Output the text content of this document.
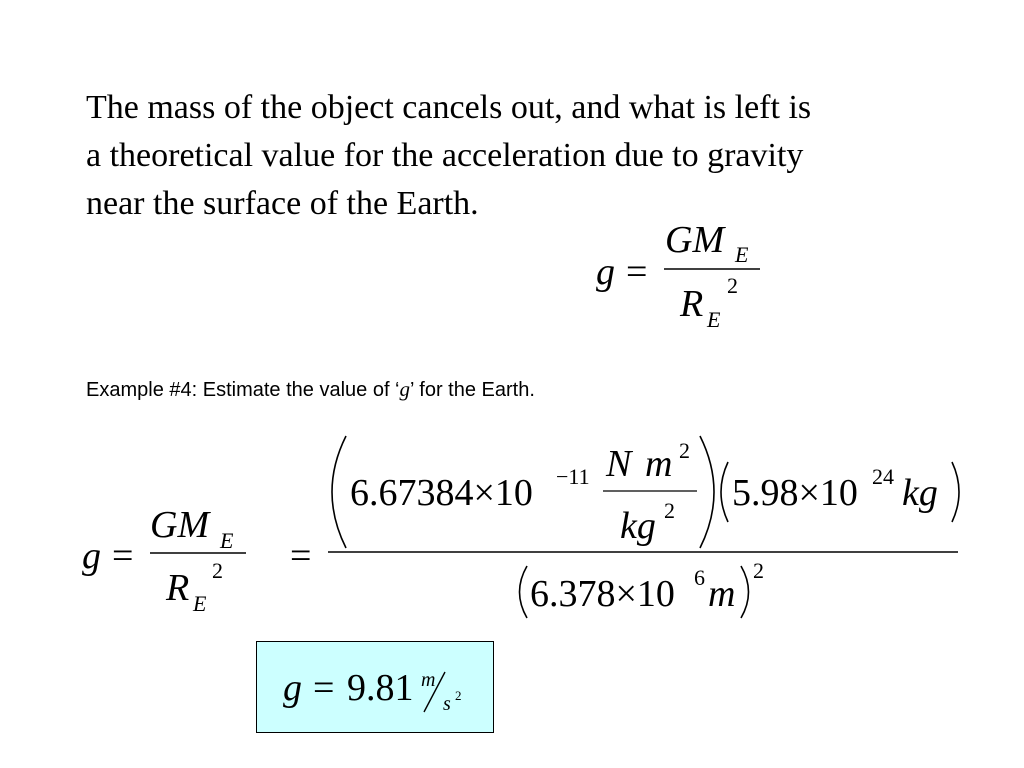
The mass of the object cancels out, and what is left is
a theoretical value for the acceleration due to gravity
near the surface of the Earth.
Example #4: Estimate the value of ‘g’ for the Earth.
g =
GM E
R E
2
g =
GM E
R E
2 =
6.67384×10 −11 N m 2
kg 2 5.98×10 24 kg
6.378×10 6 m
2
g = 9.81 m
s 2
